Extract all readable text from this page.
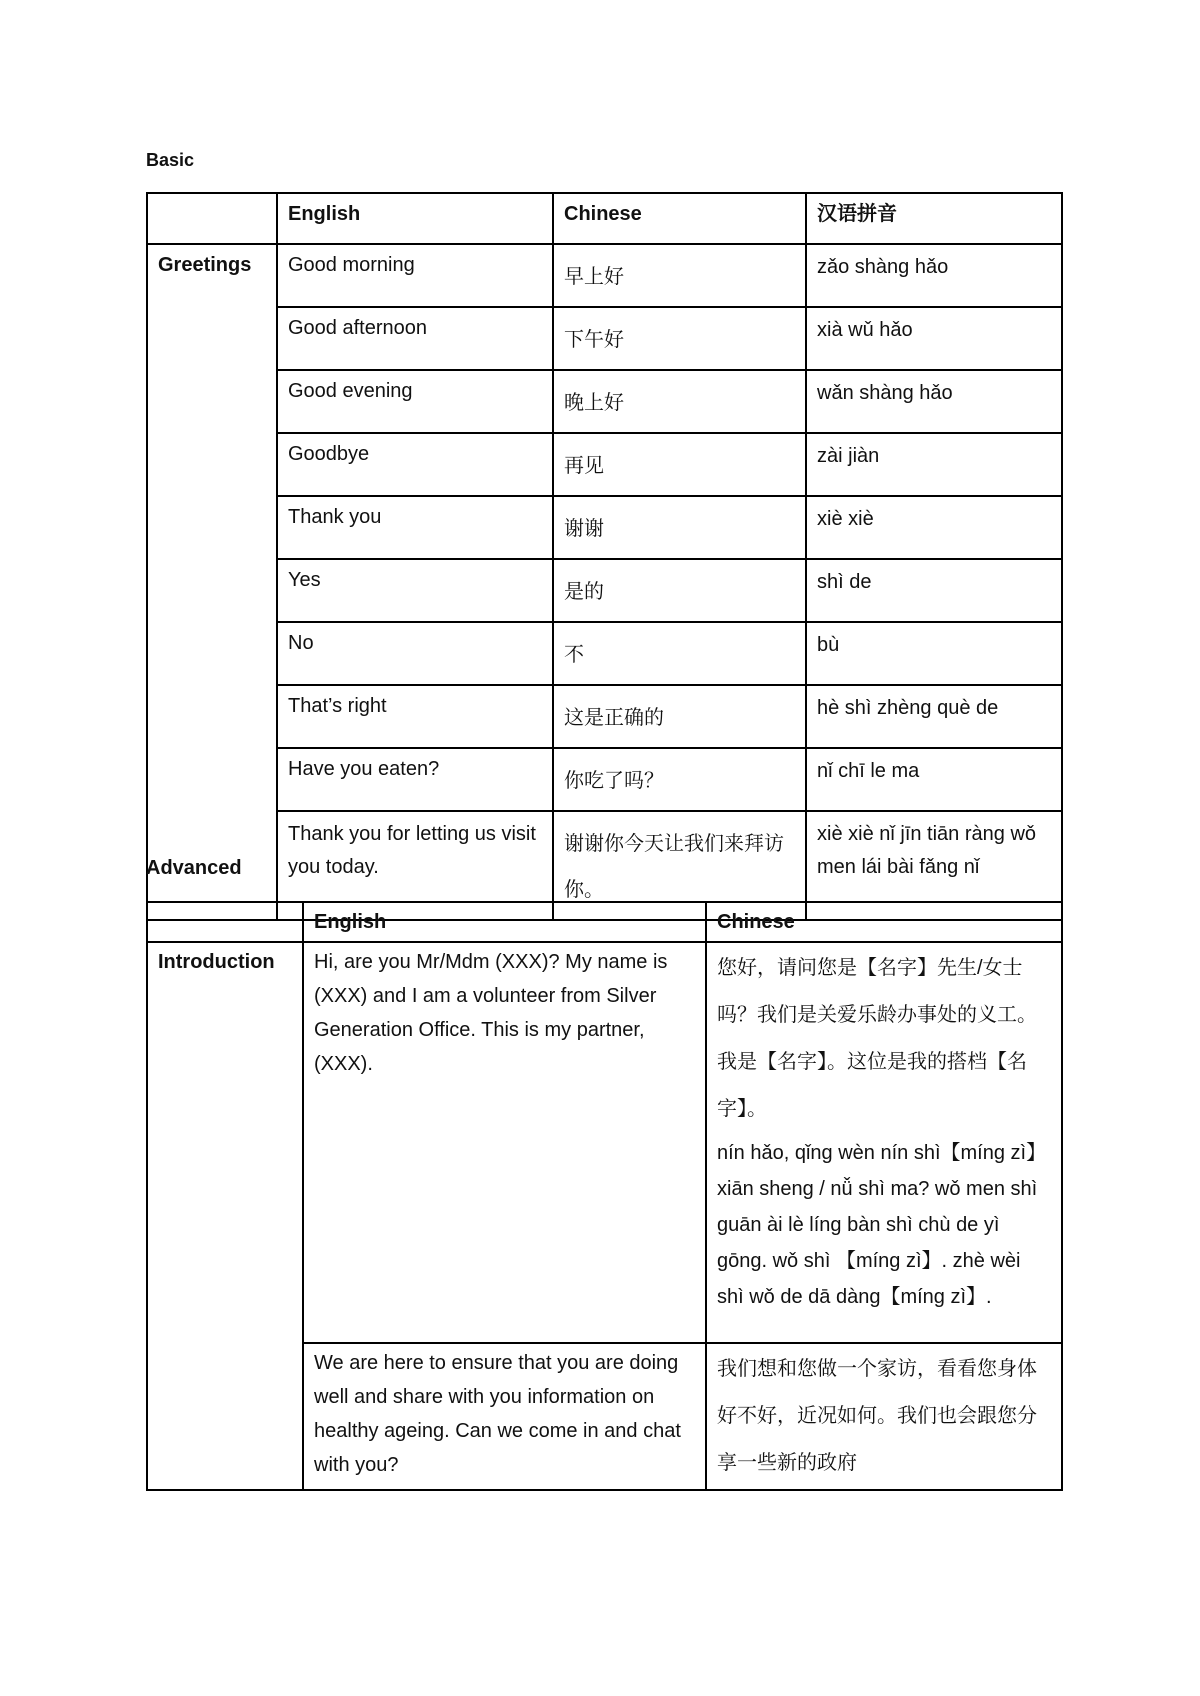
Basic
	English	Chinese	汉语拼音
Greetings	Good morning	早上好	zǎo shàng hǎo
	Good afternoon	下午好	xià wǔ hǎo
	Good evening	晚上好	wǎn shàng hǎo
	Goodbye	再见	zài jiàn
	Thank you	谢谢	xiè xiè
	Yes	是的	shì de
	No	不	bù
	That’s right	这是正确的	hè shì zhèng què de
	Have you eaten?	你吃了吗？	nǐ chī le ma
	Thank you for letting us visit you today.	谢谢你今天让我们来拜访你。	xiè xiè nǐ jīn tiān ràng wǒ men lái bài fǎng nǐ
Advanced
	English	Chinese
Introduction	Hi, are you Mr/Mdm (XXX)? My name is (XXX) and I am a volunteer from Silver Generation Office. This is my partner, (XXX).	您好，请问您是【名字】先生/女士 吗？我们是关爱乐龄办事处的义工。我是【名字】。这位是我的搭档【名字】。
nín hǎo, qǐng wèn nín shì【míng zì】xiān sheng / nǚ shì ma? wǒ men shì guān ài lè líng bàn shì chù de yì gōng. wǒ shì 【míng zì】. zhè wèi shì wǒ de dā dàng【míng zì】.

	We are here to ensure that you are doing well and share with you information on healthy ageing. Can we come in and chat with you?	我们想和您做一个家访，看看您身体好不好，近况如何。我们也会跟您分享一些新的政府
